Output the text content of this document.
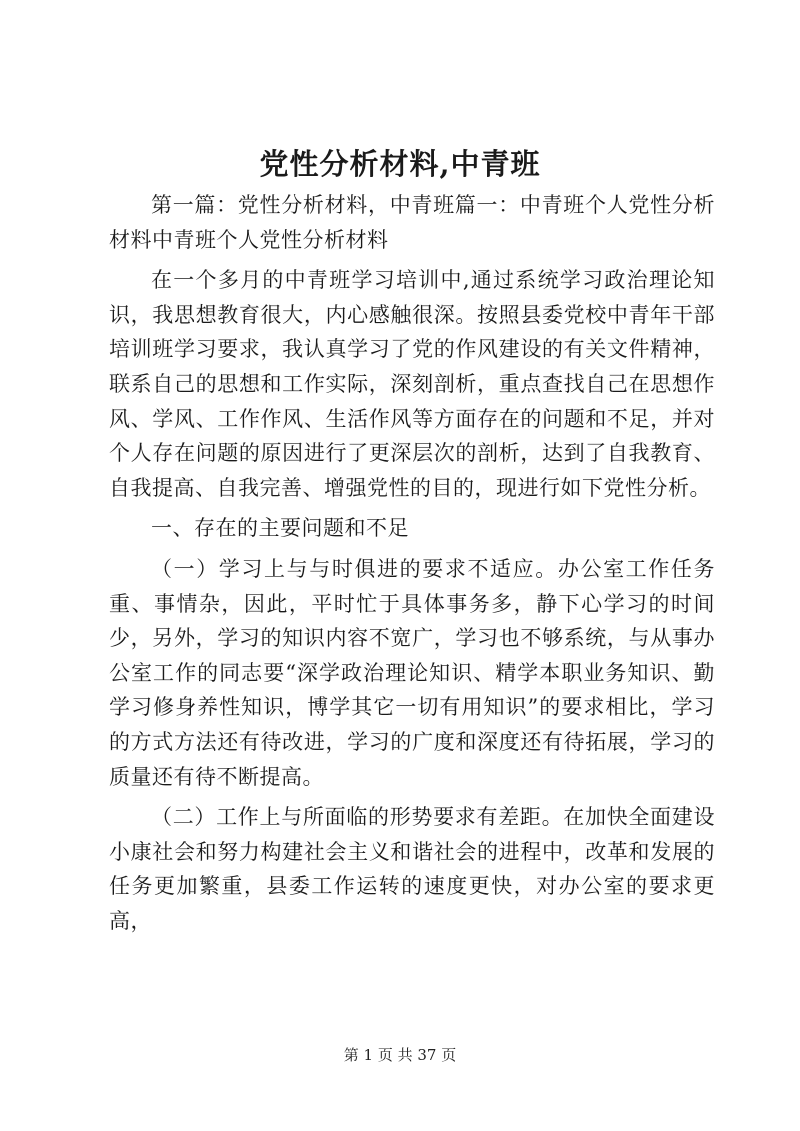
党性分析材料,中青班

第一篇：党性分析材料，中青班篇一：中青班个人党性分析材料中青班个人党性分析材料

在一个多月的中青班学习培训中,通过系统学习政治理论知识，我思想教育很大，内心感触很深。按照县委党校中青年干部培训班学习要求，我认真学习了党的作风建设的有关文件精神，联系自己的思想和工作实际，深刻剖析，重点查找自己在思想作风、学风、工作作风、生活作风等方面存在的问题和不足，并对个人存在问题的原因进行了更深层次的剖析，达到了自我教育、自我提高、自我完善、增强党性的目的，现进行如下党性分析。

一、存在的主要问题和不足

（一）学习上与与时俱进的要求不适应。办公室工作任务重、事情杂，因此，平时忙于具体事务多，静下心学习的时间少，另外，学习的知识内容不宽广，学习也不够系统，与从事办公室工作的同志要“深学政治理论知识、精学本职业务知识、勤学习修身养性知识，博学其它一切有用知识”的要求相比，学习的方式方法还有待改进，学习的广度和深度还有待拓展，学习的质量还有待不断提高。

（二）工作上与所面临的形势要求有差距。在加快全面建设小康社会和努力构建社会主义和谐社会的进程中，改革和发展的任务更加繁重，县委工作运转的速度更快，对办公室的要求更高，

第 1 页 共 37 页
